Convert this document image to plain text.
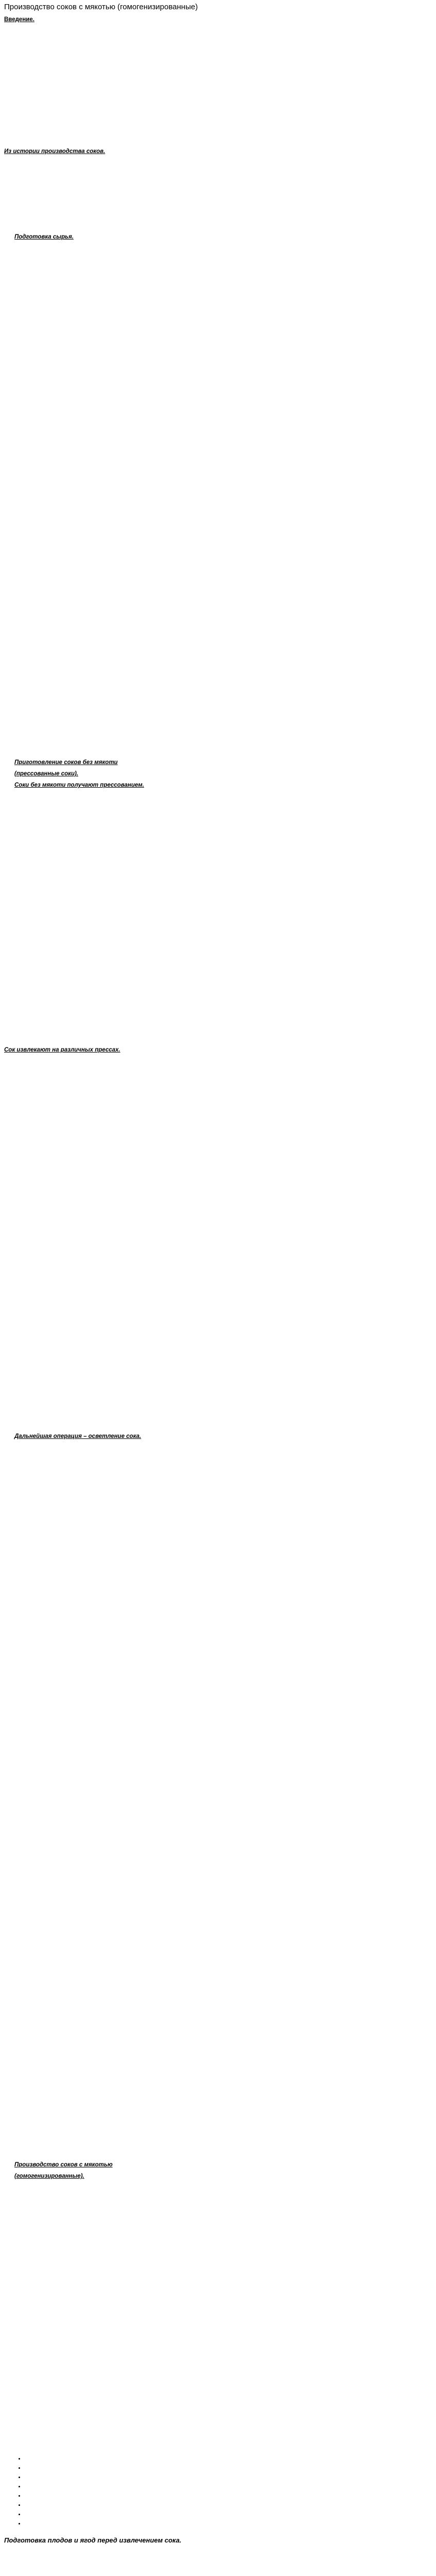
Производство соков с мякотью (гомогенизированные)
Введение.

Из истории производства соков.

Подготовка сырья.

Приготовление соков без мякоти
(прессованные соки).
Соки без мякоти получают прессованием.

Сок извлекают на различных прессах.

Дальнейшая операция – осветление сока.

Производство соков с мякотью
(гомогенизированные).

•
•
•
•
•
•
•
•
Подготовка плодов и ягод перед извлечением сока.
